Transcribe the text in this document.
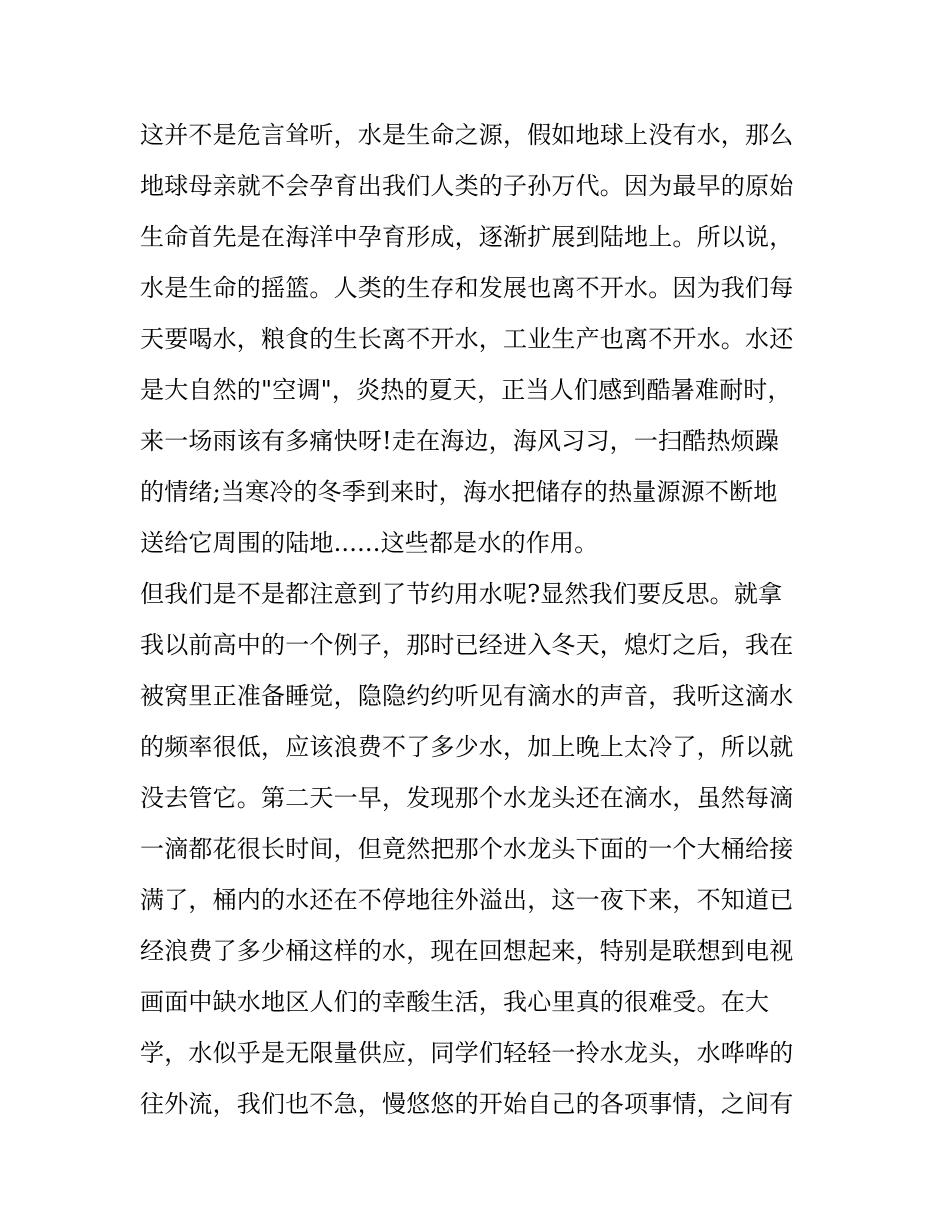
这并不是危言耸听，水是生命之源，假如地球上没有水，那么
地球母亲就不会孕育出我们人类的子孙万代。因为最早的原始
生命首先是在海洋中孕育形成，逐渐扩展到陆地上。所以说，
水是生命的摇篮。人类的生存和发展也离不开水。因为我们每
天要喝水，粮食的生长离不开水，工业生产也离不开水。水还
是大自然的"空调"，炎热的夏天，正当人们感到酷暑难耐时，
来一场雨该有多痛快呀!走在海边，海风习习，一扫酷热烦躁
的情绪;当寒冷的冬季到来时，海水把储存的热量源源不断地
送给它周围的陆地......这些都是水的作用。
但我们是不是都注意到了节约用水呢?显然我们要反思。就拿
我以前高中的一个例子，那时已经进入冬天，熄灯之后，我在
被窝里正准备睡觉，隐隐约约听见有滴水的声音，我听这滴水
的频率很低，应该浪费不了多少水，加上晚上太冷了，所以就
没去管它。第二天一早，发现那个水龙头还在滴水，虽然每滴
一滴都花很长时间，但竟然把那个水龙头下面的一个大桶给接
满了，桶内的水还在不停地往外溢出，这一夜下来，不知道已
经浪费了多少桶这样的水，现在回想起来，特别是联想到电视
画面中缺水地区人们的幸酸生活，我心里真的很难受。在大
学，水似乎是无限量供应，同学们轻轻一拎水龙头，水哗哗的
往外流，我们也不急，慢悠悠的开始自己的各项事情，之间有
